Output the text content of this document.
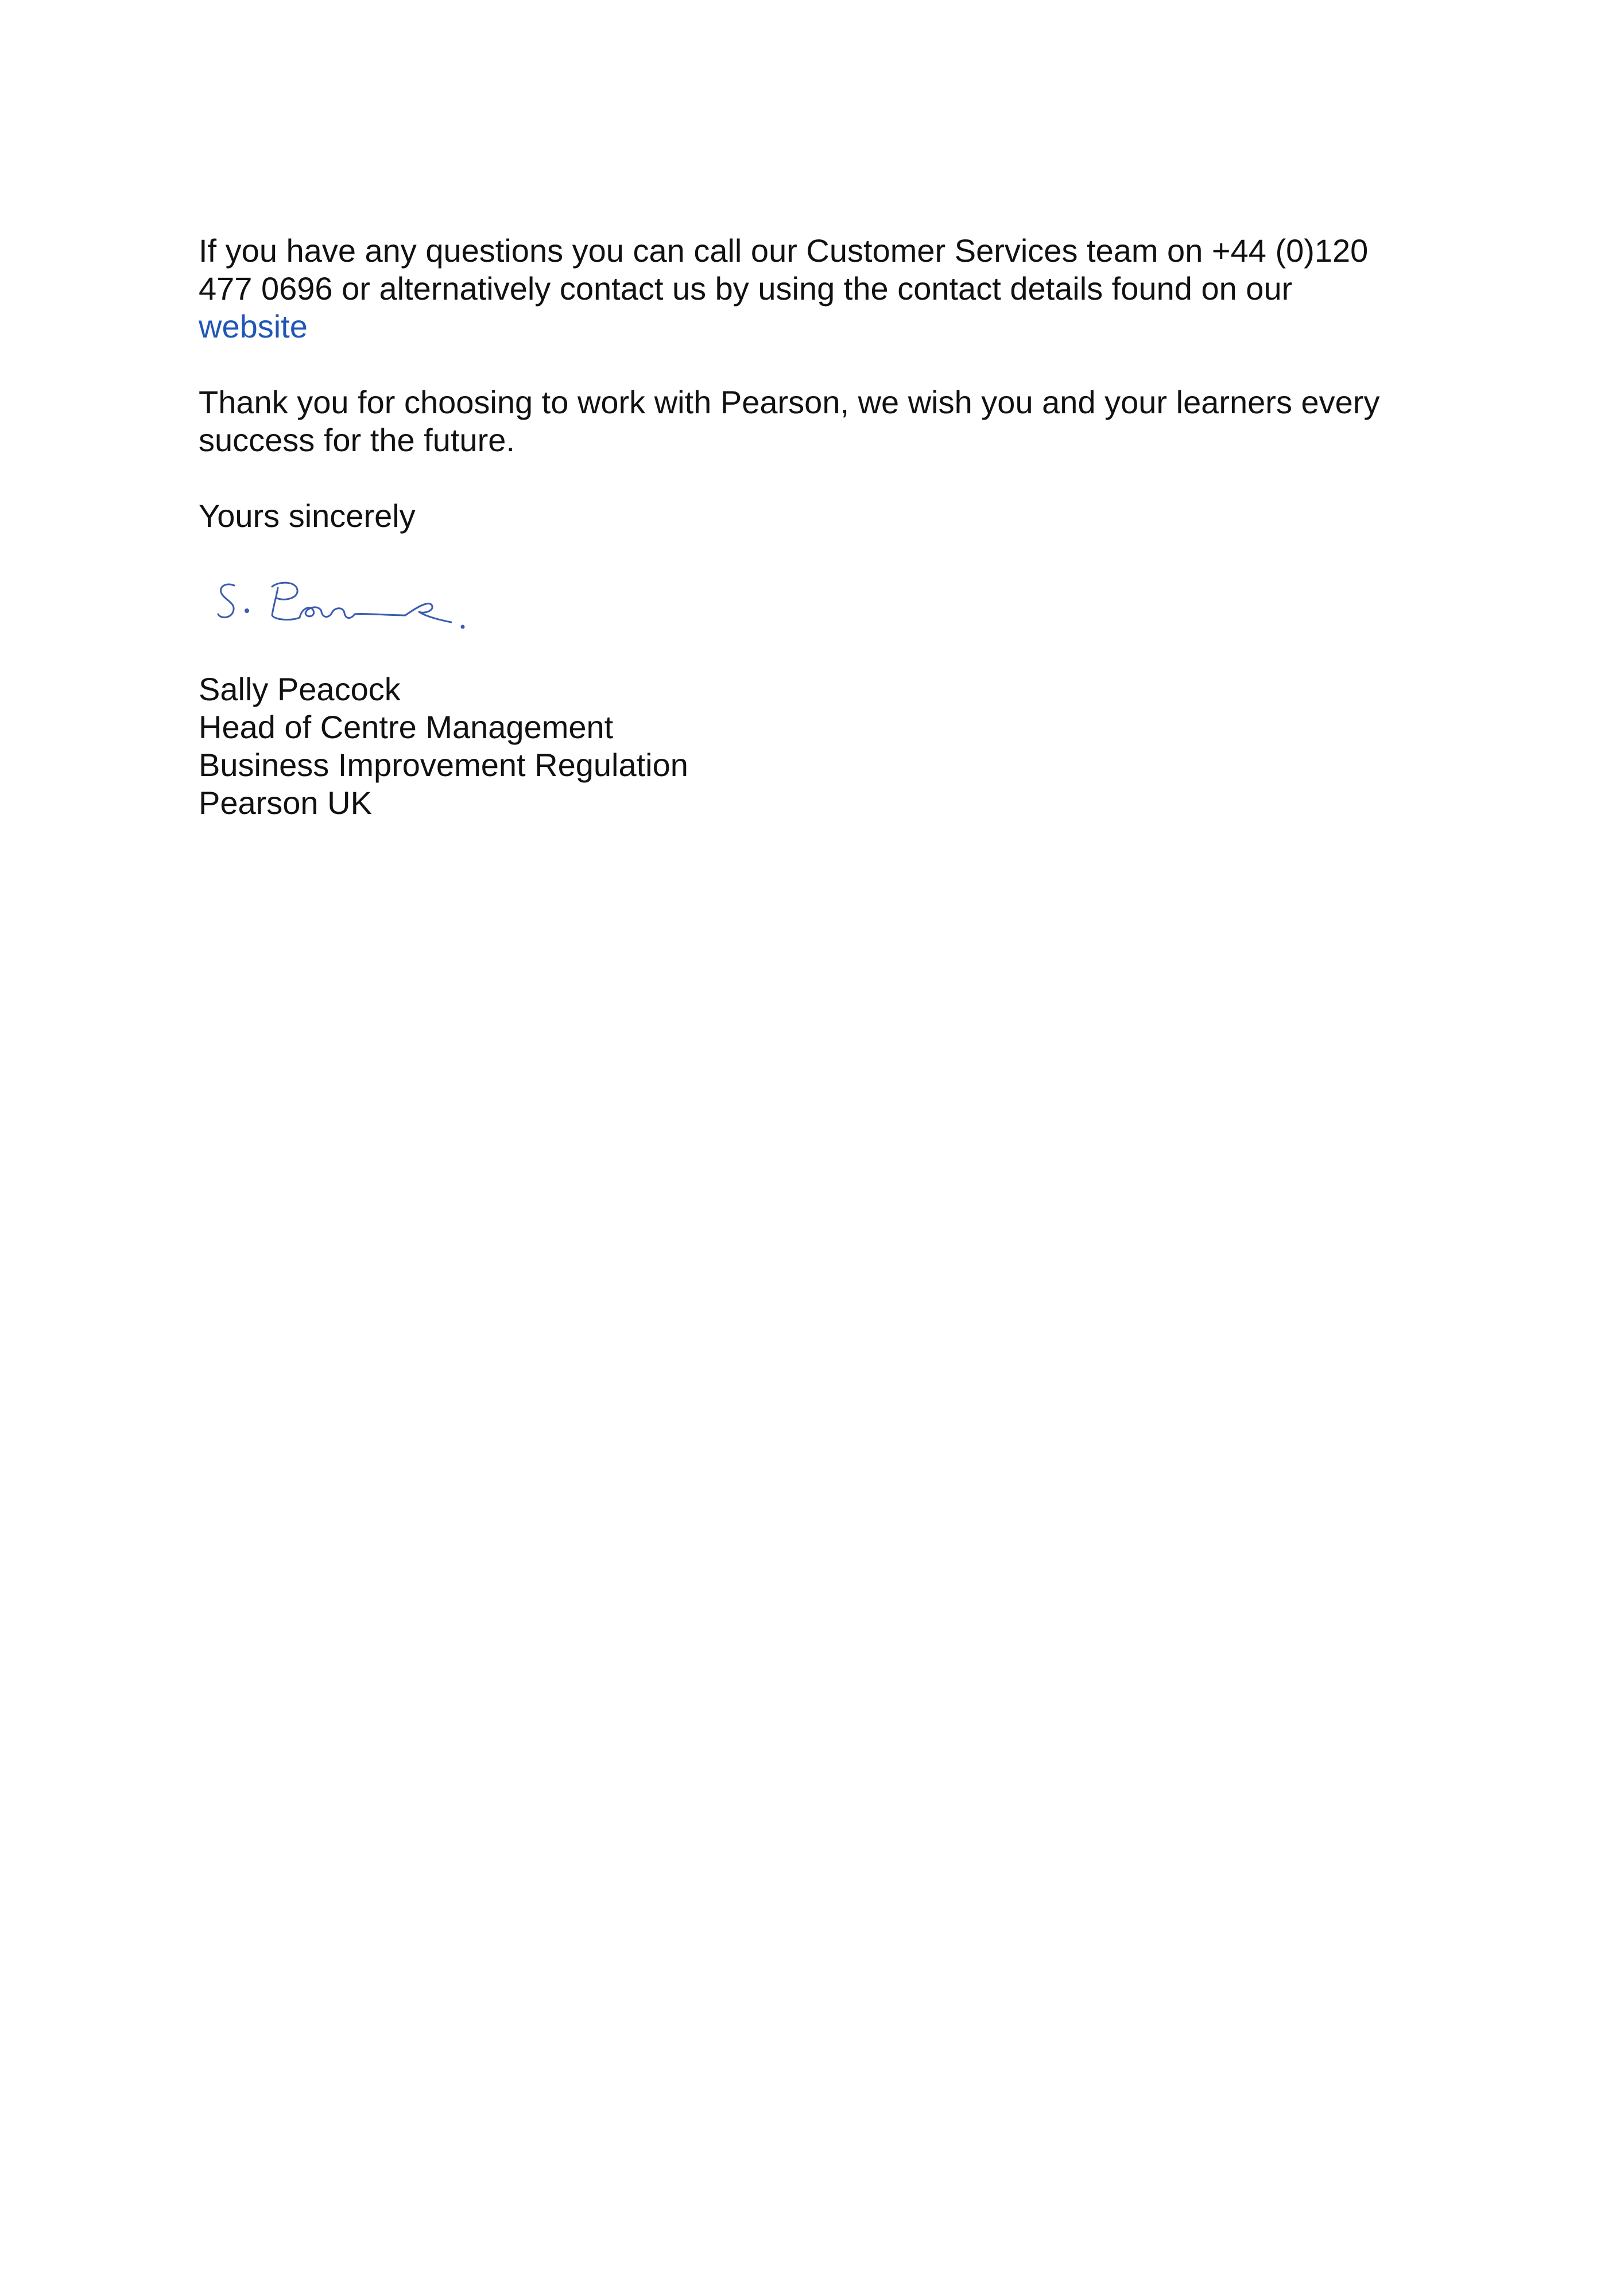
If you have any questions you can call our Customer Services team on +44 (0)120
477 0696 or alternatively contact us by using the contact details found on our
website

Thank you for choosing to work with Pearson, we wish you and your learners every
success for the future.

Yours sincerely

Sally Peacock
Head of Centre Management
Business Improvement Regulation
Pearson UK
